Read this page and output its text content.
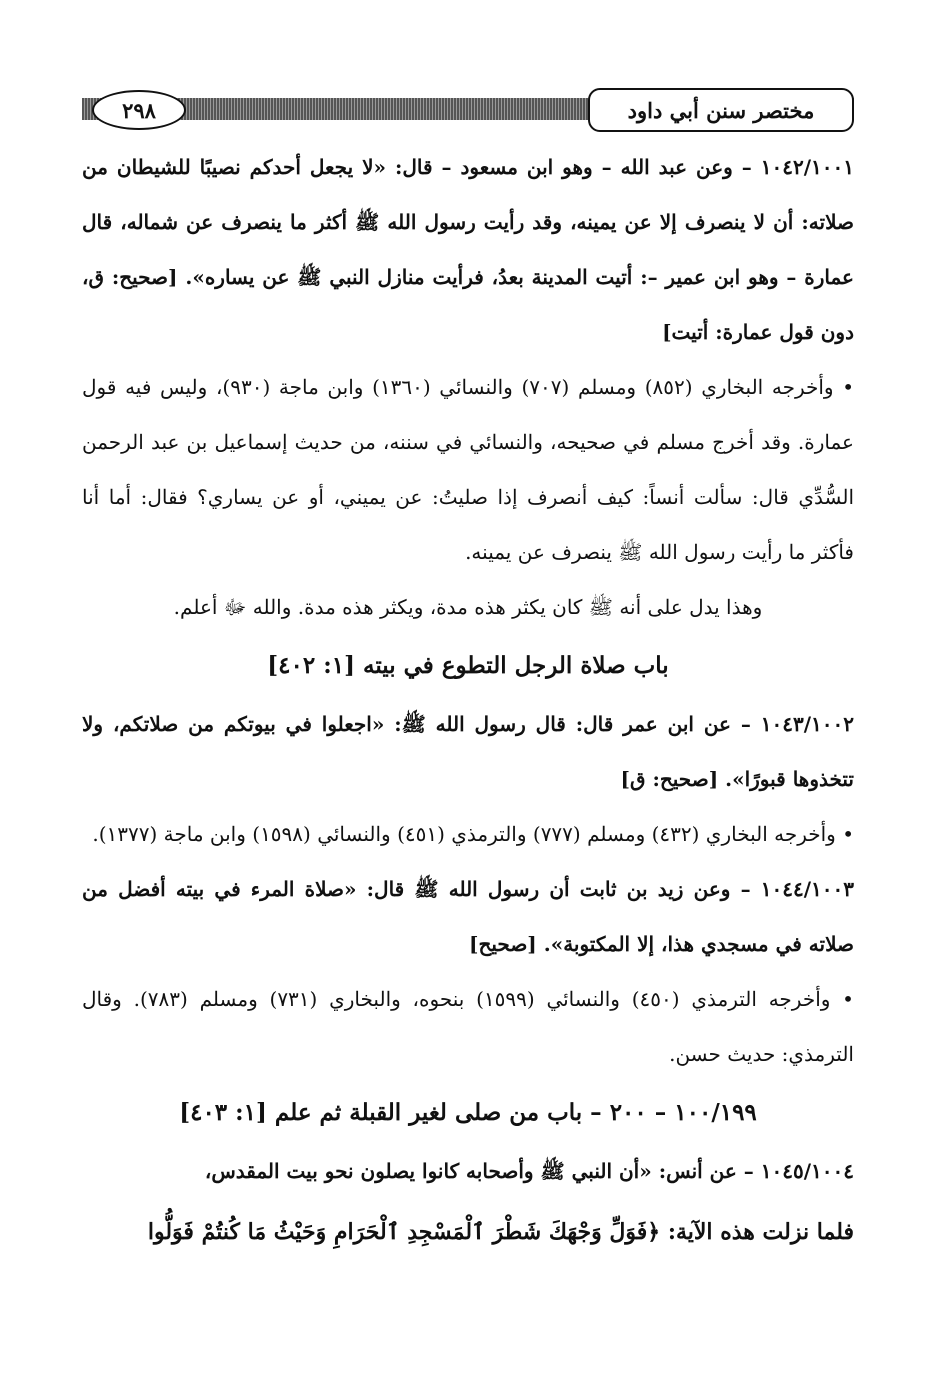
مختصر سنن أبي داود
٢٩٨

١٠٤٢/١٠٠١ – وعن عبد الله – وهو ابن مسعود – قال: «لا يجعل أحدكم نصيبًا للشيطان من صلاته: أن لا ينصرف إلا عن يمينه، وقد رأيت رسول الله ﷺ أكثر ما ينصرف عن شماله، قال عمارة – وهو ابن عمير –: أتيت المدينة بعدُ، فرأيت منازل النبي ﷺ عن يساره». [صحيح: ق، دون قول عمارة: أتيت]

• وأخرجه البخاري (٨٥٢) ومسلم (٧٠٧) والنسائي (١٣٦٠) وابن ماجة (٩٣٠)، وليس فيه قول عمارة. وقد أخرج مسلم في صحيحه، والنسائي في سننه، من حديث إسماعيل بن عبد الرحمن السُّدِّي قال: سألت أنساً: كيف أنصرف إذا صليتُ: عن يميني، أو عن يساري؟ فقال: أما أنا فأكثر ما رأيت رسول الله ﷺ ينصرف عن يمينه.

وهذا يدل على أنه ﷺ كان يكثر هذه مدة، ويكثر هذه مدة. والله ﷻ أعلم.

باب صلاة الرجل التطوع في بيته [١: ٤٠٢]

١٠٤٣/١٠٠٢ – عن ابن عمر قال: قال رسول الله ﷺ: «اجعلوا في بيوتكم من صلاتكم، ولا تتخذوها قبورًا». [صحيح: ق]

• وأخرجه البخاري (٤٣٢) ومسلم (٧٧٧) والترمذي (٤٥١) والنسائي (١٥٩٨) وابن ماجة (١٣٧٧).

١٠٤٤/١٠٠٣ – وعن زيد بن ثابت أن رسول الله ﷺ قال: «صلاة المرء في بيته أفضل من صلاته في مسجدي هذا، إلا المكتوبة». [صحيح]

• وأخرجه الترمذي (٤٥٠) والنسائي (١٥٩٩) بنحوه، والبخاري (٧٣١) ومسلم (٧٨٣). وقال الترمذي: حديث حسن.

١٠٠/١٩٩ – ٢٠٠ – باب من صلى لغير القبلة ثم علم [١: ٤٠٣]

١٠٤٥/١٠٠٤ – عن أنس: «أن النبي ﷺ وأصحابه كانوا يصلون نحو بيت المقدس،

فلما نزلت هذه الآية: ﴿فَوَلِّ وَجْهَكَ شَطْرَ ٱلْمَسْجِدِ ٱلْحَرَامِ وَحَيْثُ مَا كُنتُمْ فَوَلُّوا
